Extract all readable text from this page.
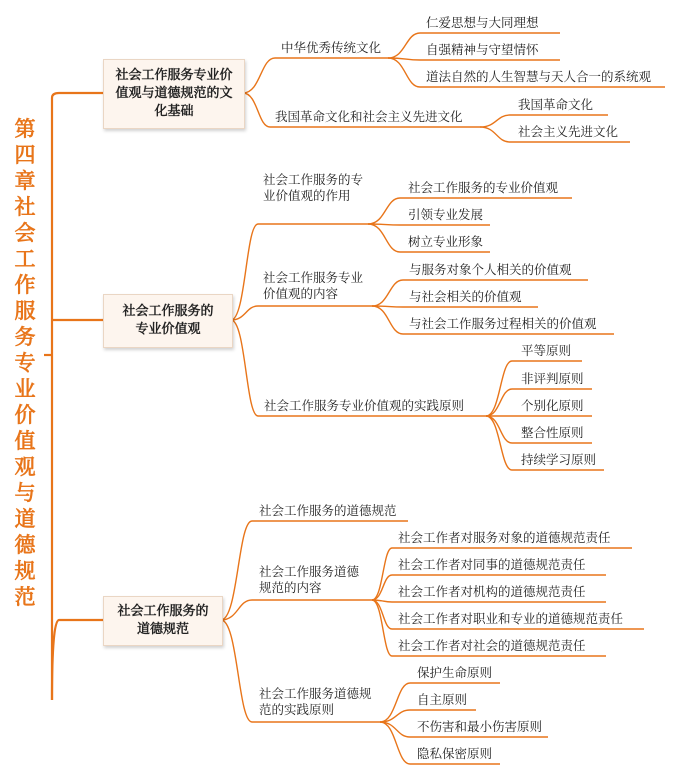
第
四
章
社
会
工
作
服
务
专
业
价
值
观
与
道
德
规
范
社会工作服务专业价值观与道德规范的文化基础
社会工作服务的专业价值观
社会工作服务的道德规范
中华优秀传统文化
我国革命文化和社会主义先进文化
仁爱思想与大同理想
自强精神与守望情怀
道法自然的人生智慧与天人合一的系统观
我国革命文化
社会主义先进文化
社会工作服务的专业价值观的作用
社会工作服务专业价值观的内容
社会工作服务专业价值观的实践原则
社会工作服务的专业价值观
引领专业发展
树立专业形象
与服务对象个人相关的价值观
与社会相关的价值观
与社会工作服务过程相关的价值观
平等原则
非评判原则
个别化原则
整合性原则
持续学习原则
社会工作服务的道德规范
社会工作服务道德规范的内容
社会工作服务道德规范的实践原则
社会工作者对服务对象的道德规范责任
社会工作者对同事的道德规范责任
社会工作者对机构的道德规范责任
社会工作者对职业和专业的道德规范责任
社会工作者对社会的道德规范责任
保护生命原则
自主原则
不伤害和最小伤害原则
隐私保密原则
